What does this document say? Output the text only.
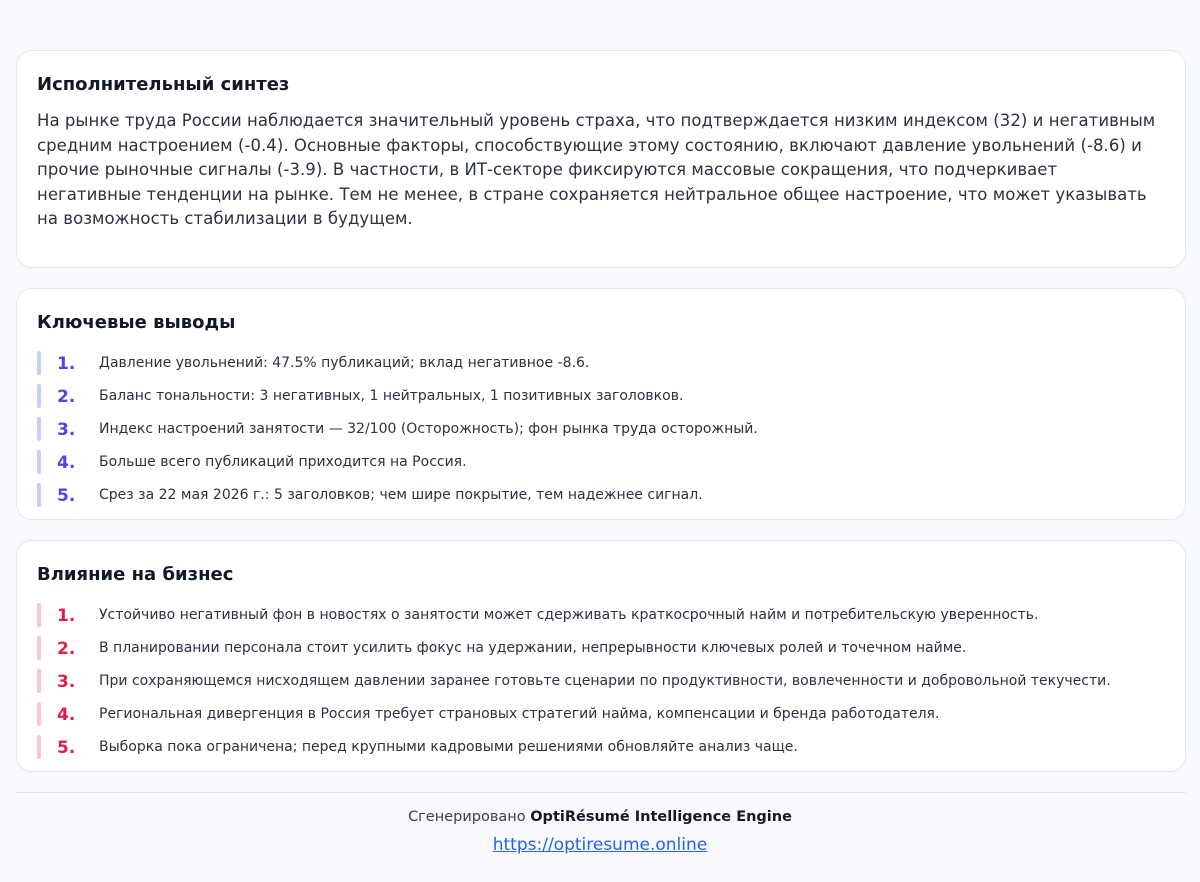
Исполнительный синтез

На рынке труда России наблюдается значительный уровень страха, что подтверждается низким индексом (32) и негативным средним настроением (-0.4). Основные факторы, способствующие этому состоянию, включают давление увольнений (-8.6) и прочие рыночные сигналы (-3.9). В частности, в ИТ-секторе фиксируются массовые сокращения, что подчеркивает негативные тенденции на рынке. Тем не менее, в стране сохраняется нейтральное общее настроение, что может указывать на возможность стабилизации в будущем.

Ключевые выводы
1. Давление увольнений: 47.5% публикаций; вклад негативное -8.6.
2. Баланс тональности: 3 негативных, 1 нейтральных, 1 позитивных заголовков.
3. Индекс настроений занятости — 32/100 (Осторожность); фон рынка труда осторожный.
4. Больше всего публикаций приходится на Россия.
5. Срез за 22 мая 2026 г.: 5 заголовков; чем шире покрытие, тем надежнее сигнал.
Влияние на бизнес
1. Устойчиво негативный фон в новостях о занятости может сдерживать краткосрочный найм и потребительскую уверенность.
2. В планировании персонала стоит усилить фокус на удержании, непрерывности ключевых ролей и точечном найме.
3. При сохраняющемся нисходящем давлении заранее готовьте сценарии по продуктивности, вовлеченности и добровольной текучести.
4. Региональная дивергенция в Россия требует страновых стратегий найма, компенсации и бренда работодателя.
5. Выборка пока ограничена; перед крупными кадровыми решениями обновляйте анализ чаще.
Сгенерировано OptiRésumé Intelligence Engine
https://optiresume.online
